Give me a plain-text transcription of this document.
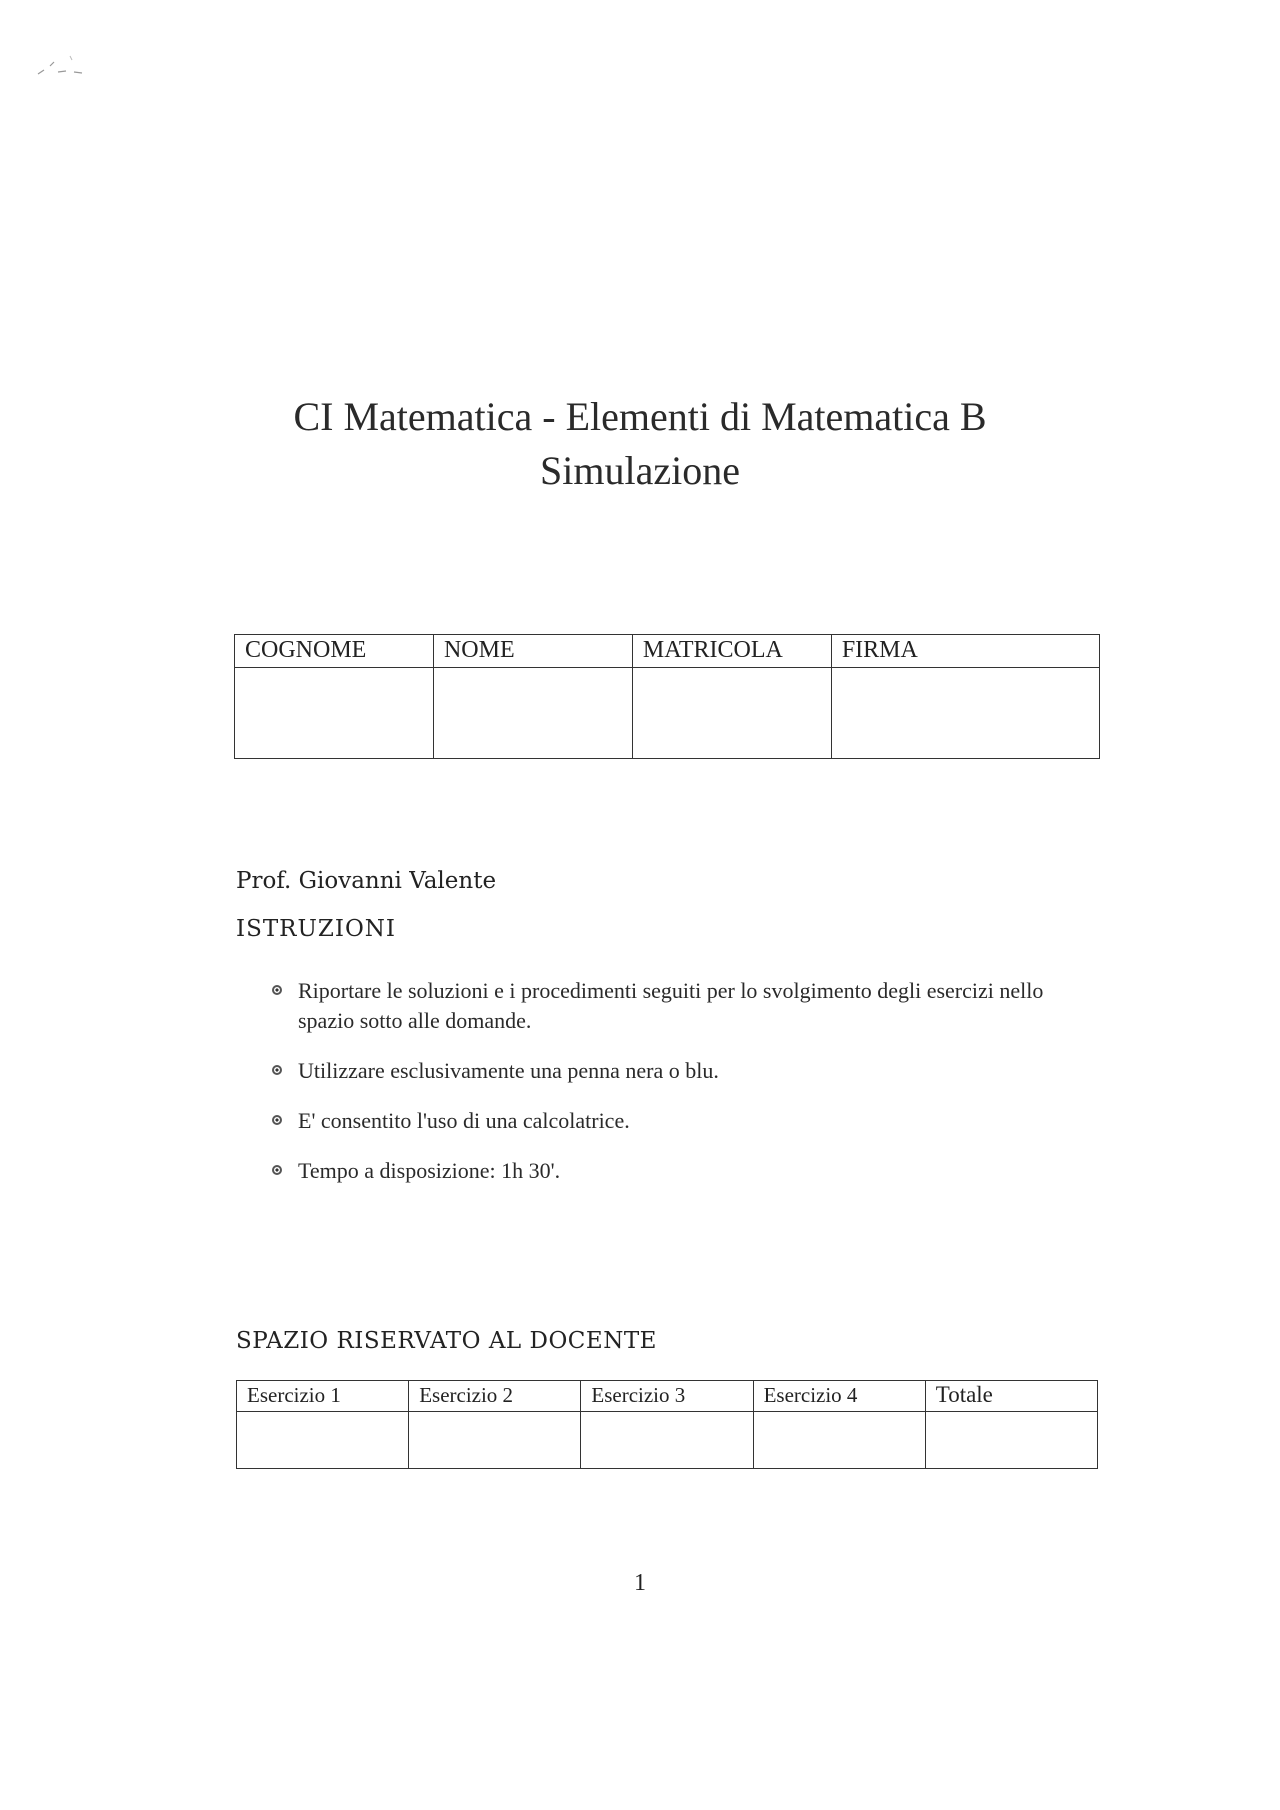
CI Matematica - Elementi di Matematica B
Simulazione
COGNOME	NOME	MATRICOLA	FIRMA

Prof. Giovanni Valente
ISTRUZIONI
Riportare le soluzioni e i procedimenti seguiti per lo svolgimento degli esercizi nello spazio sotto alle domande.
Utilizzare esclusivamente una penna nera o blu.
E' consentito l'uso di una calcolatrice.
Tempo a disposizione: 1h 30'.
SPAZIO RISERVATO AL DOCENTE
Esercizio 1	Esercizio 2	Esercizio 3	Esercizio 4	Totale

1
